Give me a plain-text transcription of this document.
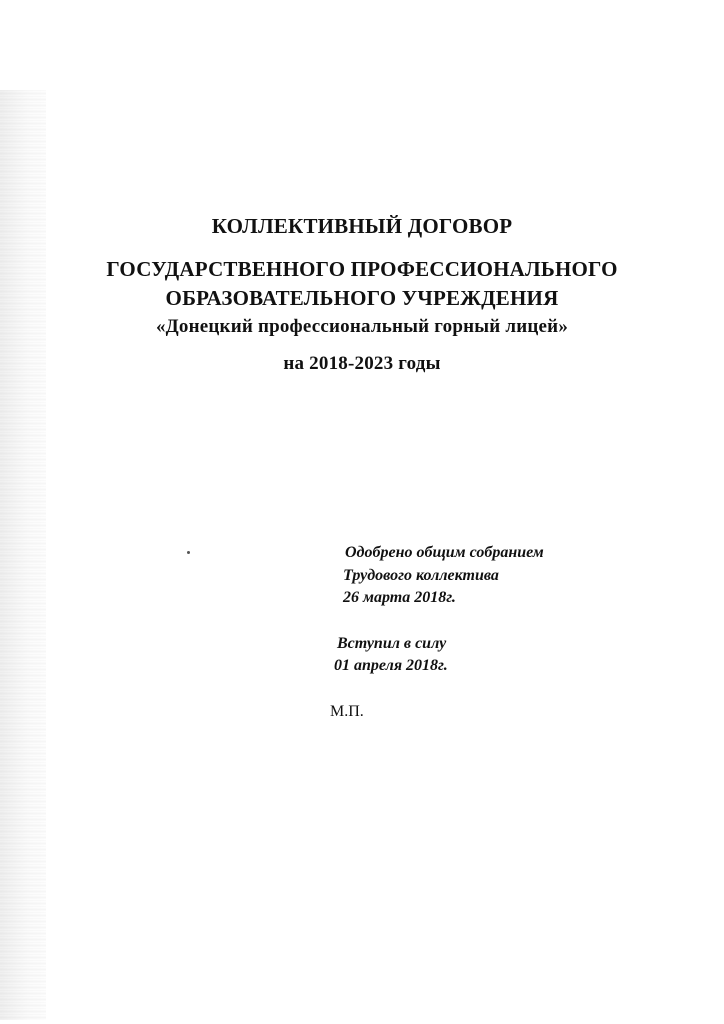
КОЛЛЕКТИВНЫЙ ДОГОВОР
ГОСУДАРСТВЕННОГО ПРОФЕССИОНАЛЬНОГО
ОБРАЗОВАТЕЛЬНОГО УЧРЕЖДЕНИЯ
«Донецкий профессиональный горный лицей»
на 2018-2023 годы
Одобрено общим собранием
Трудового коллектива
26 марта 2018г.
Вступил в силу
01 апреля 2018г.
М.П.
